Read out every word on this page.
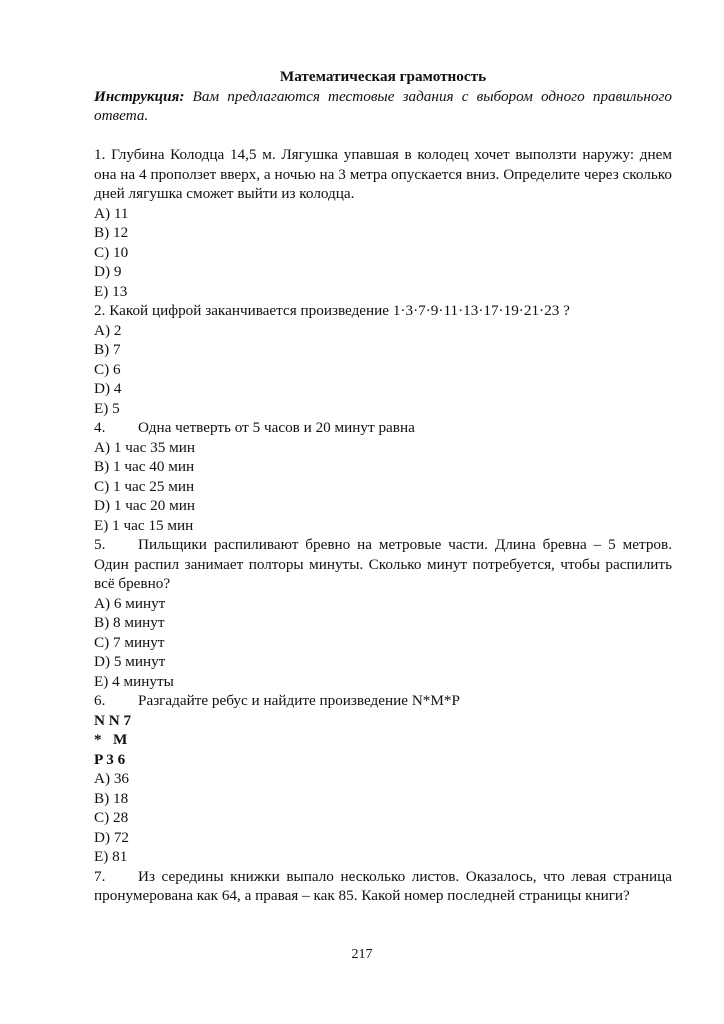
Математическая грамотность
Инструкция: Вам предлагаются тестовые задания с выбором одного правильного ответа.
1. Глубина Колодца 14,5 м. Лягушка упавшая в колодец хочет выползти наружу: днем она на 4 проползет вверх, а ночью на 3 метра опускается вниз. Определите через сколько дней лягушка сможет выйти из колодца.
A) 11
B) 12
C) 10
D) 9
E) 13
2. Какой цифрой заканчивается произведение 1·3·7·9·11·13·17·19·21·23 ?
A) 2
B) 7
C) 6
D) 4
E) 5
4. Одна четверть от 5 часов и 20 минут равна
A) 1 час 35 мин
B) 1 час 40 мин
C) 1 час 25 мин
D) 1 час 20 мин
E) 1 час 15 мин
5. Пильщики распиливают бревно на метровые части. Длина бревна – 5 метров. Один распил занимает полторы минуты. Сколько минут потребуется, чтобы распилить всё бревно?
A) 6 минут
B) 8 минут
C) 7 минут
D) 5 минут
E) 4 минуты
6. Разгадайте ребус и найдите произведение N*M*P
N N 7
*   M
P 3 6
A) 36
B) 18
C) 28
D) 72
E) 81
7. Из середины книжки выпало несколько листов. Оказалось, что левая страница пронумерована как 64, а правая – как 85. Какой номер последней страницы книги?
217
